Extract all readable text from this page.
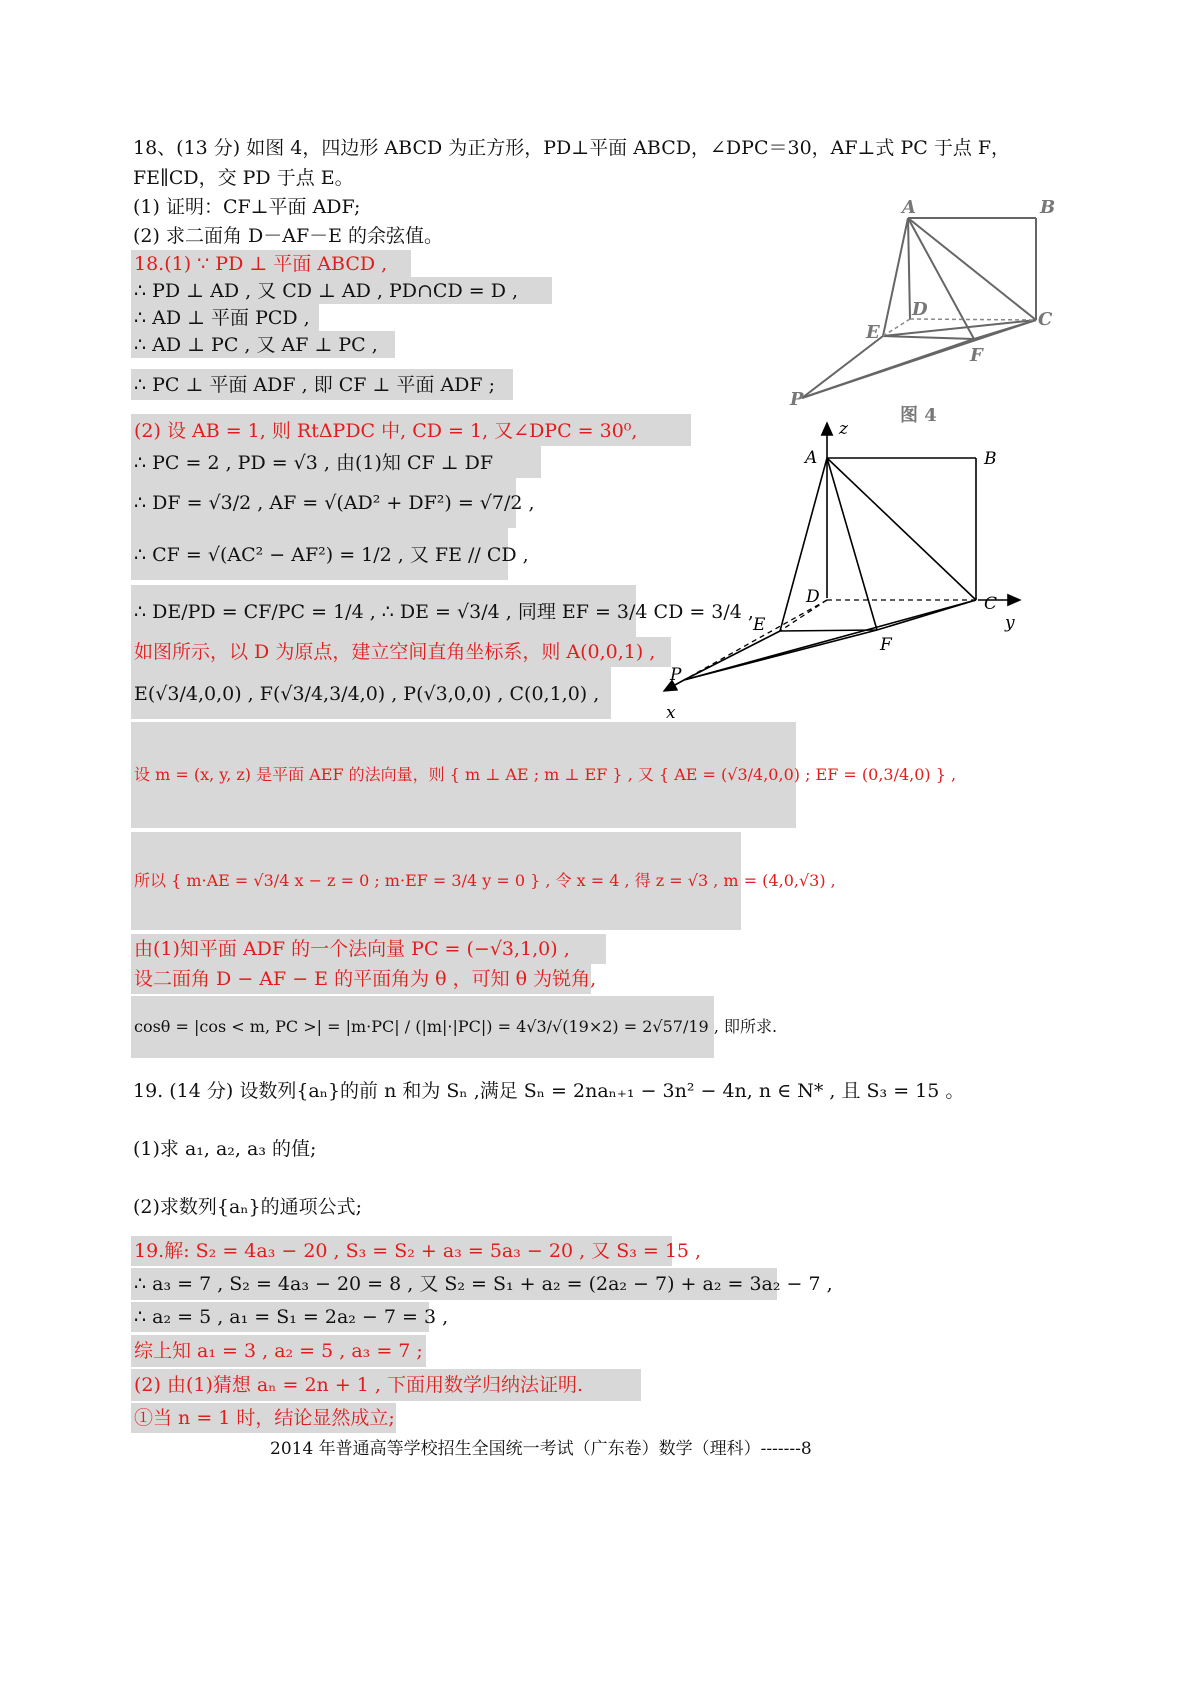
18、(13 分) 如图 4，四边形 ABCD 为正方形，PD⊥平面 ABCD，∠DPC＝30，AF⊥式 PC 于点 F，
FE∥CD，交 PD 于点 E。
(1) 证明：CF⊥平面 ADF;
(2) 求二面角 D－AF－E 的余弦值。
18.(1) ∵ PD ⊥ 平面 ABCD ,
∴ PD ⊥ AD , 又 CD ⊥ AD , PD∩CD = D ,
∴ AD ⊥ 平面 PCD ,
∴ AD ⊥ PC , 又 AF ⊥ PC ,
∴ PC ⊥ 平面 ADF , 即 CF ⊥ 平面 ADF ;
(2) 设 AB = 1, 则 RtΔPDC 中, CD = 1, 又∠DPC = 30⁰,
∴ PC = 2 , PD = √3 , 由(1)知 CF ⊥ DF
∴ DF = √3/2 , AF = √(AD² + DF²) = √7/2 ,
∴ CF = √(AC² − AF²) = 1/2 , 又 FE // CD ,
∴ DE/PD = CF/PC = 1/4 , ∴ DE = √3/4 , 同理 EF = 3/4 CD = 3/4 ,
如图所示，以 D 为原点，建立空间直角坐标系，则 A(0,0,1) ,
E(√3/4,0,0) , F(√3/4,3/4,0) , P(√3,0,0) , C(0,1,0) ,
设 m = (x, y, z) 是平面 AEF 的法向量，则 { m ⊥ AE ; m ⊥ EF } , 又 { AE = (√3/4,0,0) ; EF = (0,3/4,0) } ,
所以 { m·AE = √3/4 x − z = 0 ; m·EF = 3/4 y = 0 } , 令 x = 4 , 得 z = √3 , m = (4,0,√3) ,
由(1)知平面 ADF 的一个法向量 PC = (−√3,1,0) ,
设二面角 D − AF − E 的平面角为 θ ，可知 θ 为锐角,
cosθ = |cos < m, PC >| = |m·PC| / (|m|·|PC|) = 4√3/√(19×2) = 2√57/19 , 即所求.
19. (14 分) 设数列{aₙ}的前 n 和为 Sₙ ,满足 Sₙ = 2naₙ₊₁ − 3n² − 4n, n ∈ N* , 且 S₃ = 15 。
(1)求 a₁, a₂, a₃ 的值;
(2)求数列{aₙ}的通项公式;
19.解: S₂ = 4a₃ − 20 , S₃ = S₂ + a₃ = 5a₃ − 20 , 又 S₃ = 15 ,
∴ a₃ = 7 , S₂ = 4a₃ − 20 = 8 , 又 S₂ = S₁ + a₂ = (2a₂ − 7) + a₂ = 3a₂ − 7 ,
∴ a₂ = 5 , a₁ = S₁ = 2a₂ − 7 = 3 ,
综上知 a₁ = 3 , a₂ = 5 , a₃ = 7 ;
(2) 由(1)猜想 aₙ = 2n + 1 , 下面用数学归纳法证明.
①当 n = 1 时，结论显然成立;
A	B
C
D
E
F
P
图 4
A	B
C
D
E
F
P
x
y
z
2014 年普通高等学校招生全国统一考试（广东卷）数学（理科）-------8
